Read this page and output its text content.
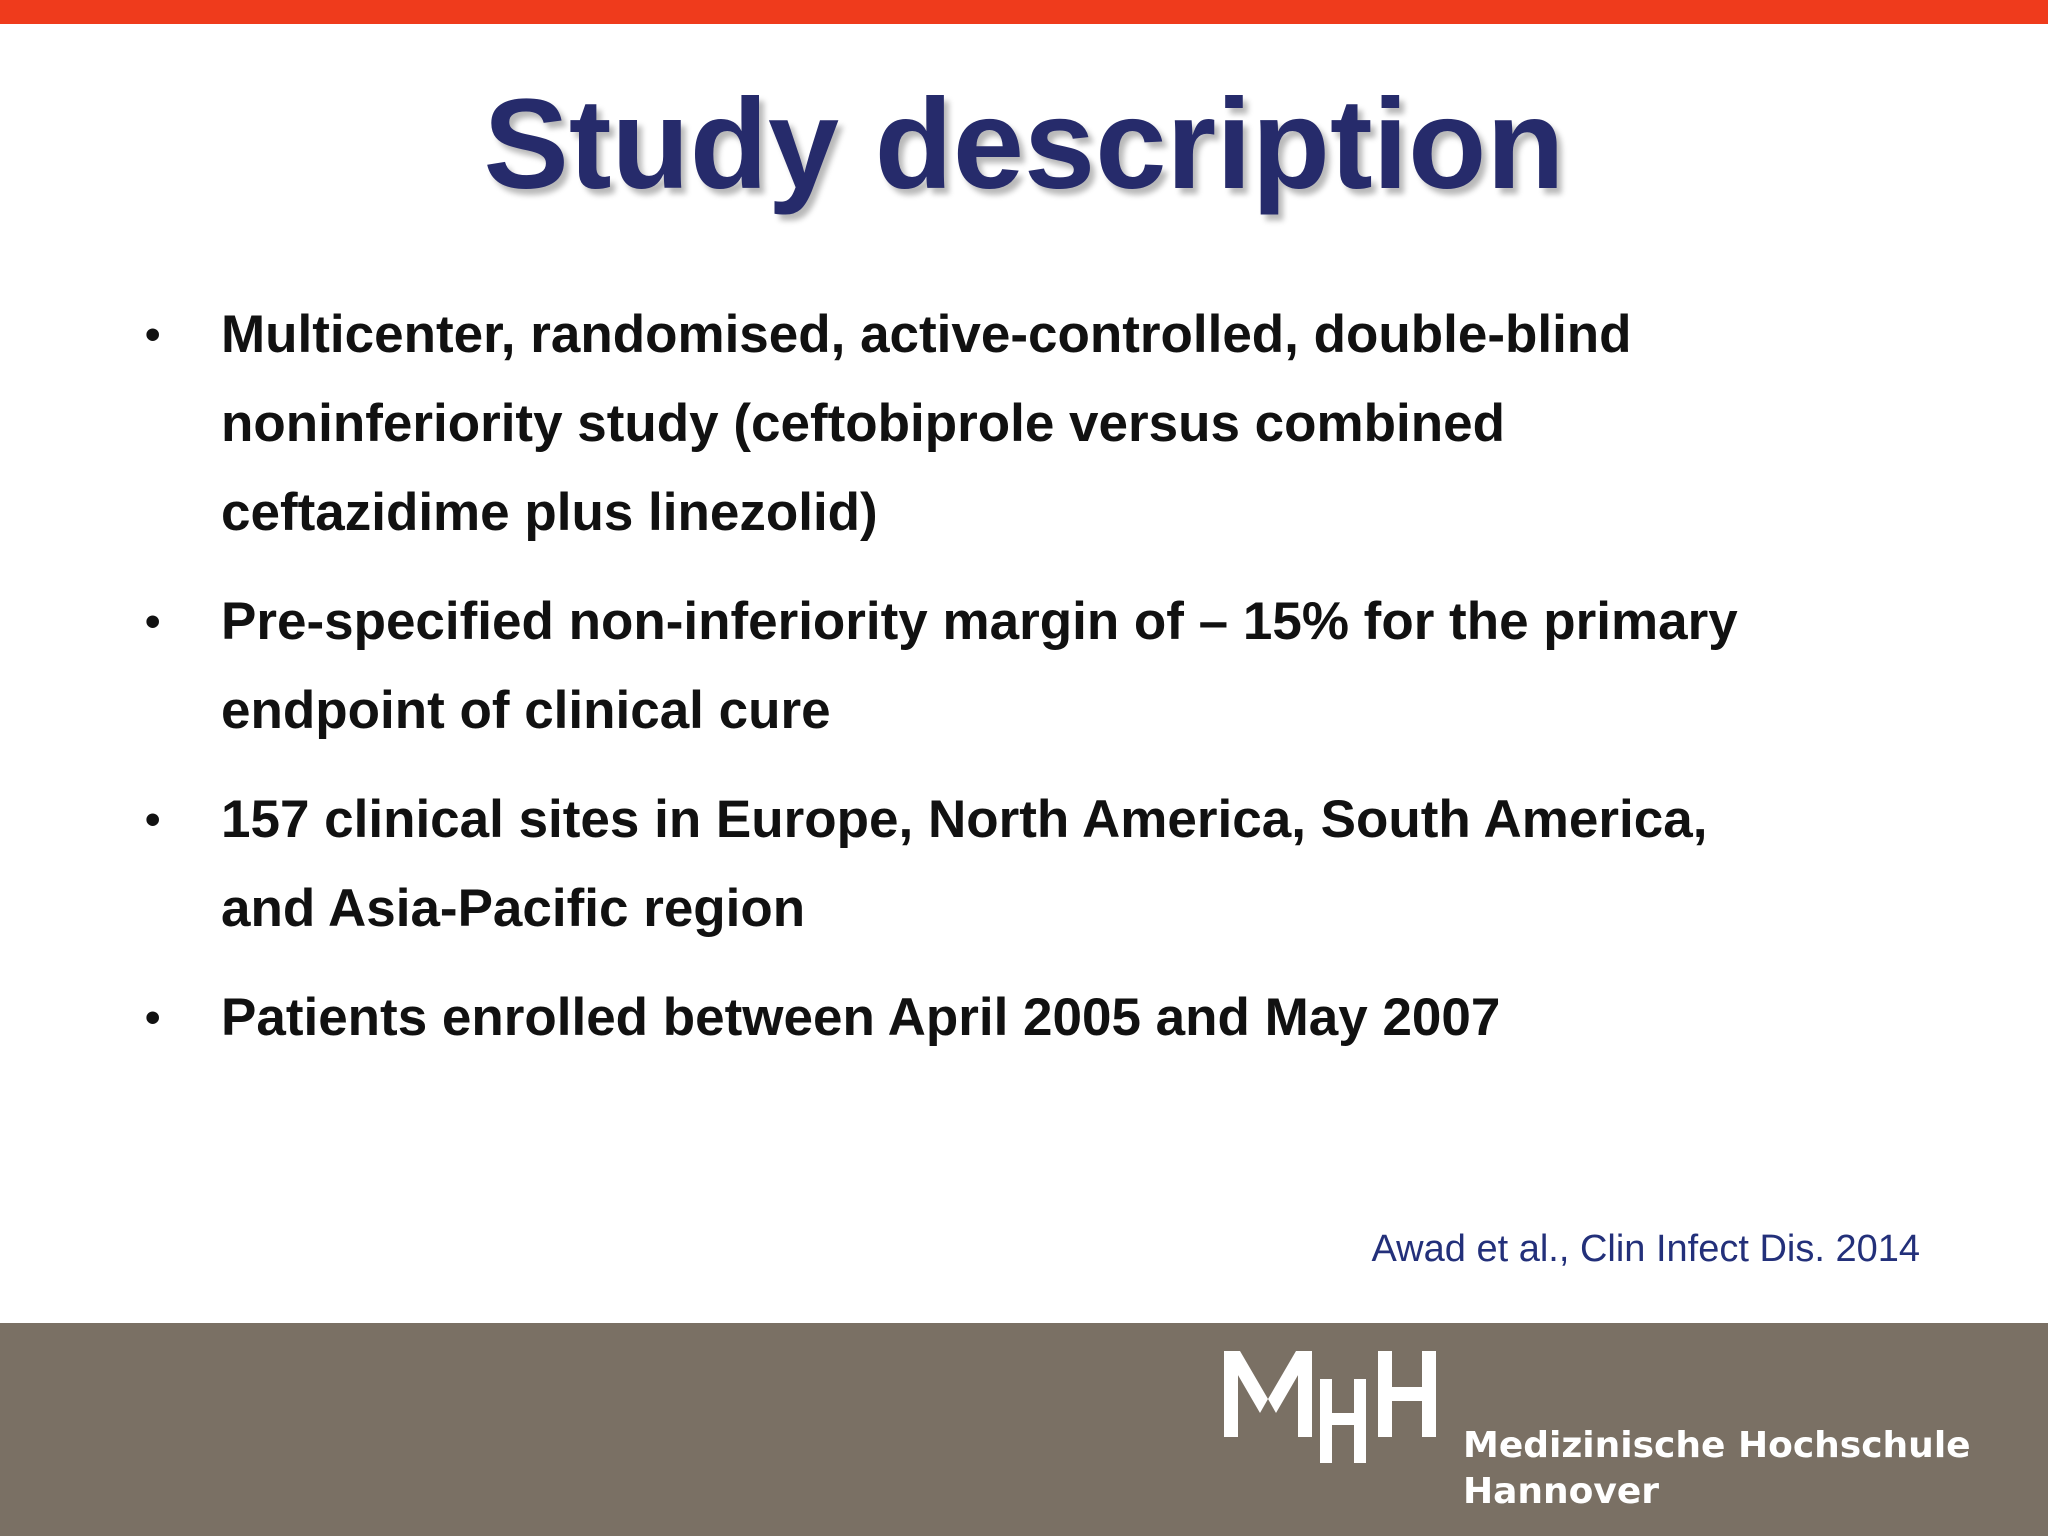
Study description
• Multicenter, randomised, active-controlled, double-blind
noninferiority study (ceftobiprole versus combined
ceftazidime plus linezolid)
• Pre-specified non-inferiority margin of – 15% for the primary
endpoint of clinical cure
• 157 clinical sites in Europe, North America, South America,
and Asia-Pacific region
• Patients enrolled between April 2005 and May 2007
Awad et al., Clin Infect Dis. 2014
Medizinische Hochschule
Hannover
